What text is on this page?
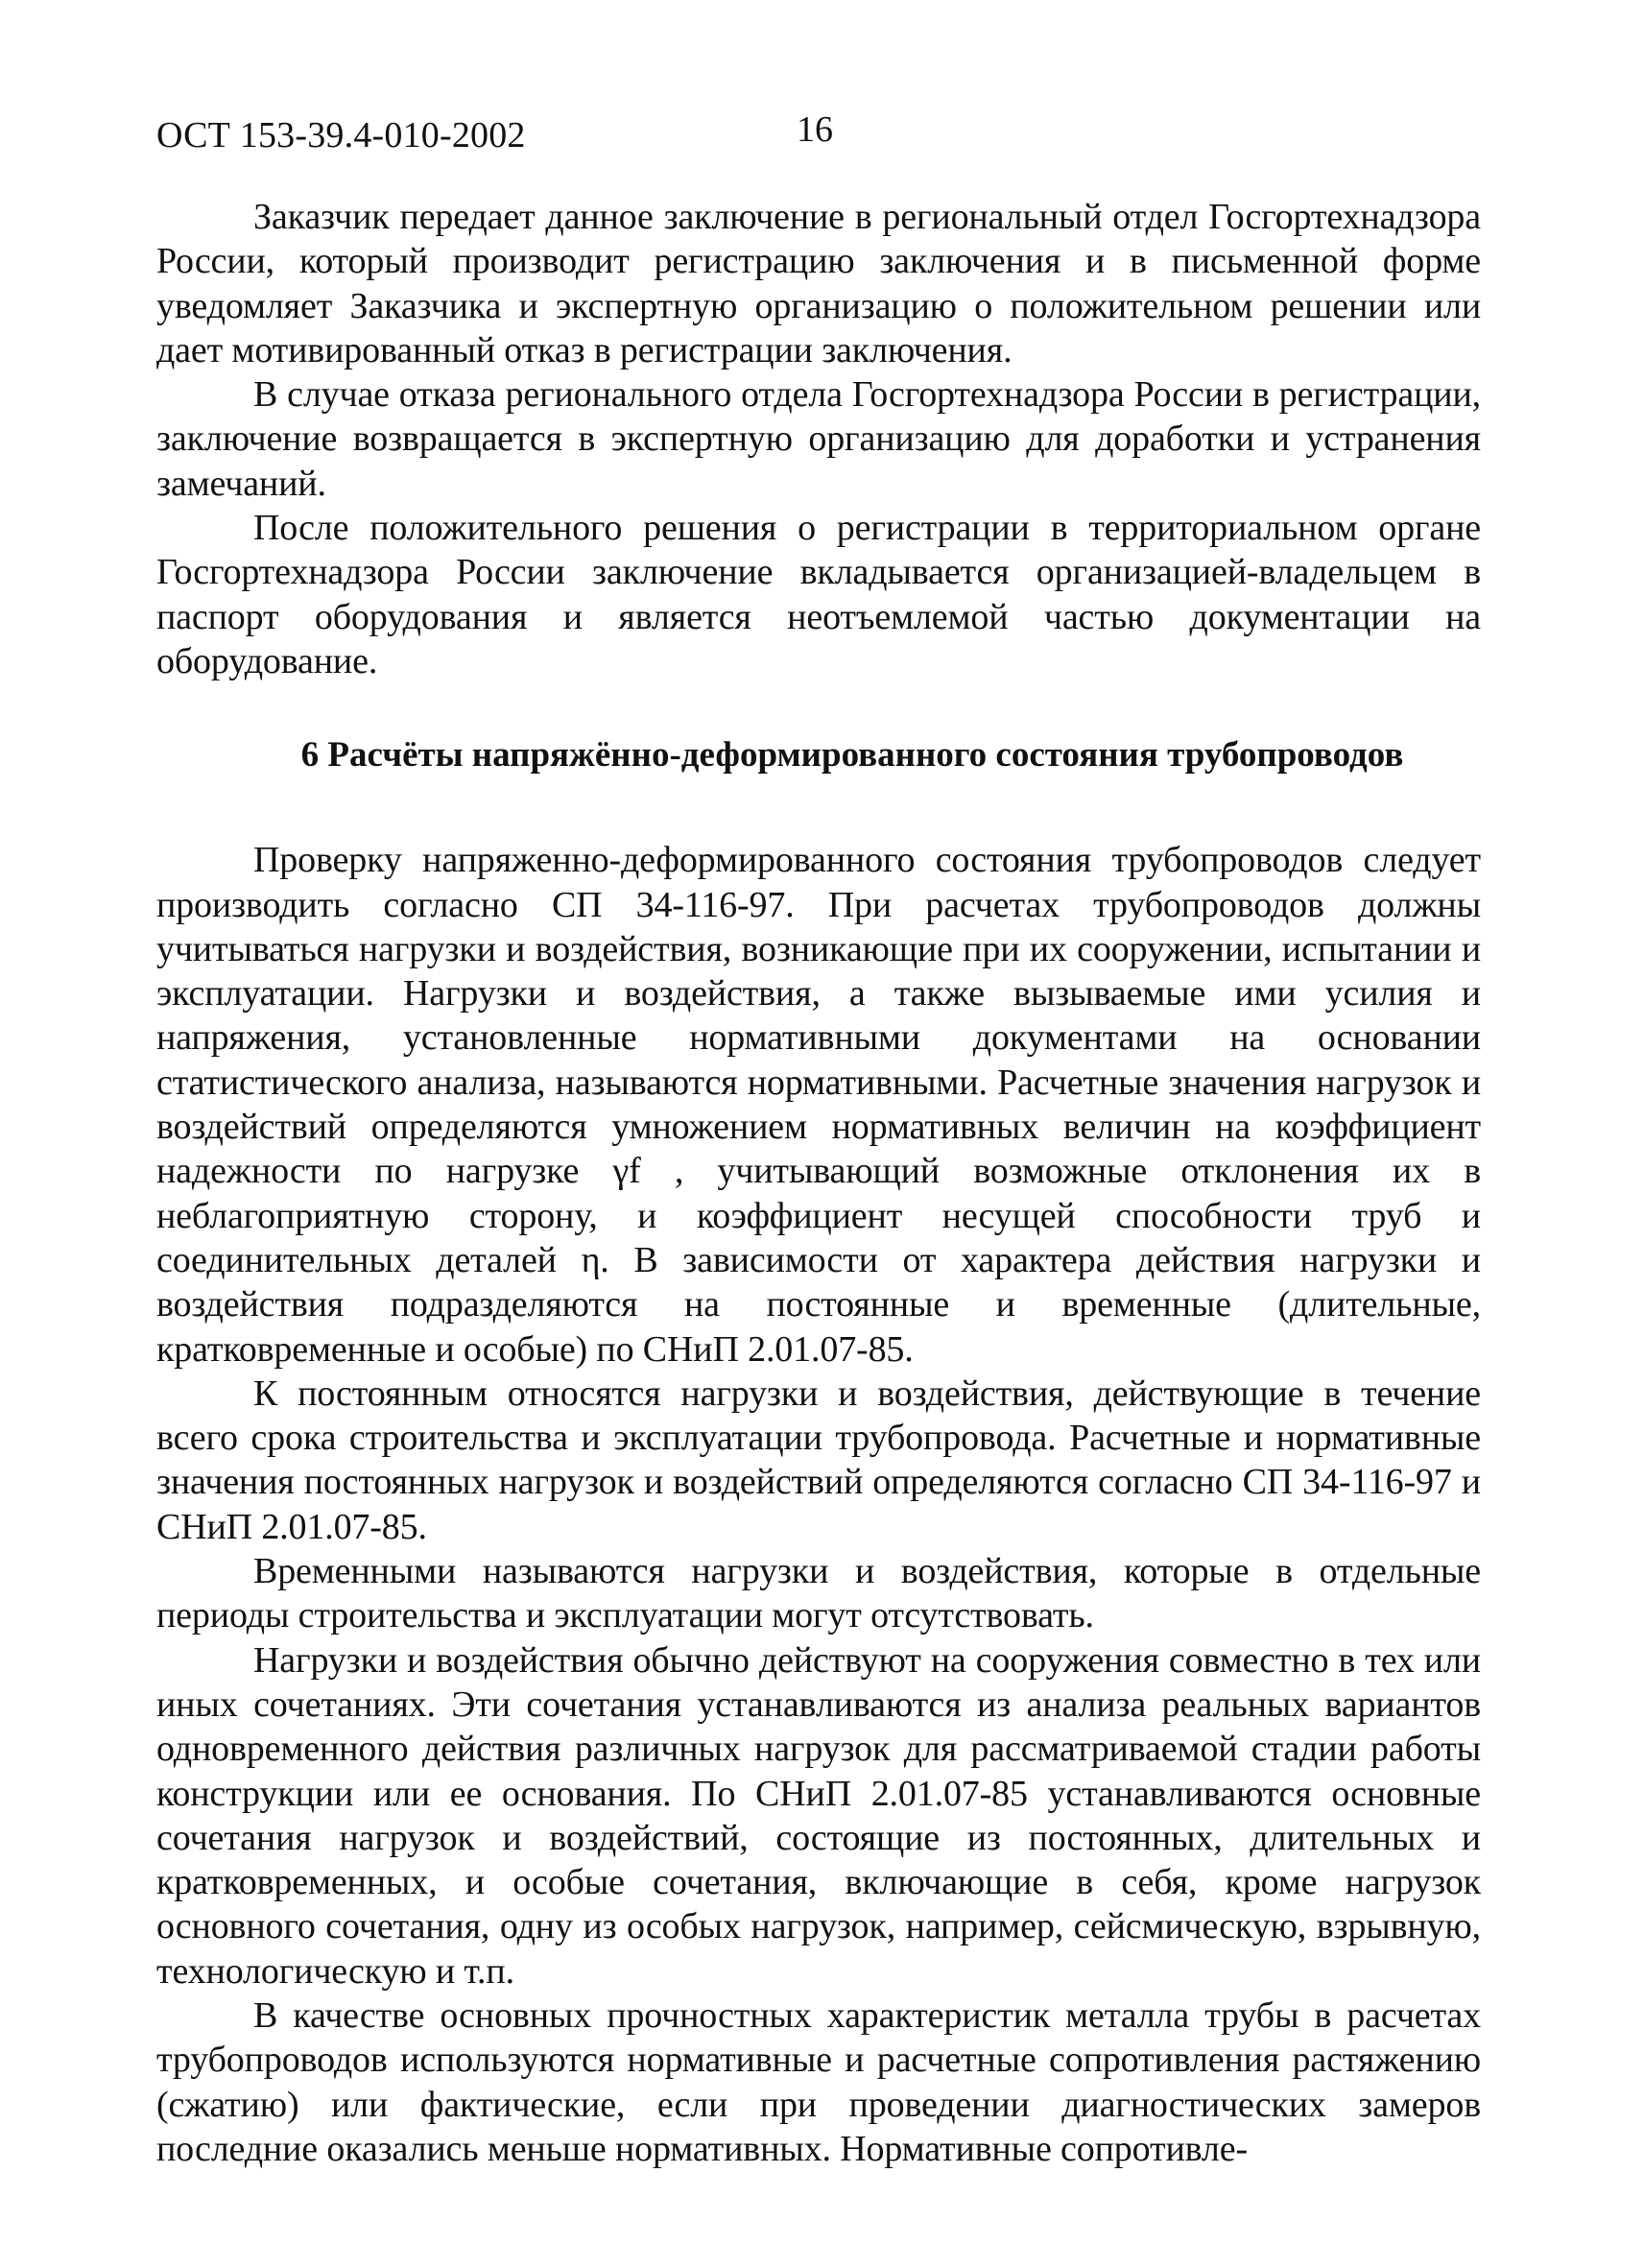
ОСТ 153-39.4-010-2002	16

Заказчик передает данное заключение в региональный отдел Госгортехнадзора России, который производит регистрацию заключения и в письменной форме уведомляет Заказчика и экспертную организацию о положительном решении или дает мотивированный отказ в регистрации заключения.

В случае отказа регионального отдела Госгортехнадзора России в регистрации, заключение возвращается в экспертную организацию для доработки и устранения замечаний.

После положительного решения о регистрации в территориальном органе Госгортехнадзора России заключение вкладывается организацией-владельцем в паспорт оборудования и является неотъемлемой частью документации на оборудование.

6 Расчёты напряжённо-деформированного состояния трубопроводов

Проверку напряженно-деформированного состояния трубопроводов следует производить согласно СП 34-116-97. При расчетах трубопроводов должны учитываться нагрузки и воздействия, возникающие при их сооружении, испытании и эксплуатации. Нагрузки и воздействия, а также вызываемые ими усилия и напряжения, установленные нормативными документами на основании статистического анализа, называются нормативными. Расчетные значения нагрузок и воздействий определяются умножением нормативных величин на коэффициент надежности по нагрузке γf , учитывающий возможные отклонения их в неблагоприятную сторону, и коэффициент несущей способности труб и соединительных деталей η. В зависимости от характера действия нагрузки и воздействия подразделяются на постоянные и временные (длительные, кратковременные и особые) по СНиП 2.01.07-85.

К постоянным относятся нагрузки и воздействия, действующие в течение всего срока строительства и эксплуатации трубопровода. Расчетные и нормативные значения постоянных нагрузок и воздействий определяются согласно СП 34-116-97 и СНиП 2.01.07-85.

Временными называются нагрузки и воздействия, которые в отдельные периоды строительства и эксплуатации могут отсутствовать.

Нагрузки и воздействия обычно действуют на сооружения совместно в тех или иных сочетаниях. Эти сочетания устанавливаются из анализа реальных вариантов одновременного действия различных нагрузок для рассматриваемой стадии работы конструкции или ее основания. По СНиП 2.01.07-85 устанавливаются основные сочетания нагрузок и воздействий, состоящие из постоянных, длительных и кратковременных, и особые сочетания, включающие в себя, кроме нагрузок основного сочетания, одну из особых нагрузок, например, сейсмическую, взрывную, технологическую и т.п.

В качестве основных прочностных характеристик металла трубы в расчетах трубопроводов используются нормативные и расчетные сопротивления растяжению (сжатию) или фактические, если при проведении диагностических замеров последние оказались меньше нормативных. Нормативные сопротивле-
